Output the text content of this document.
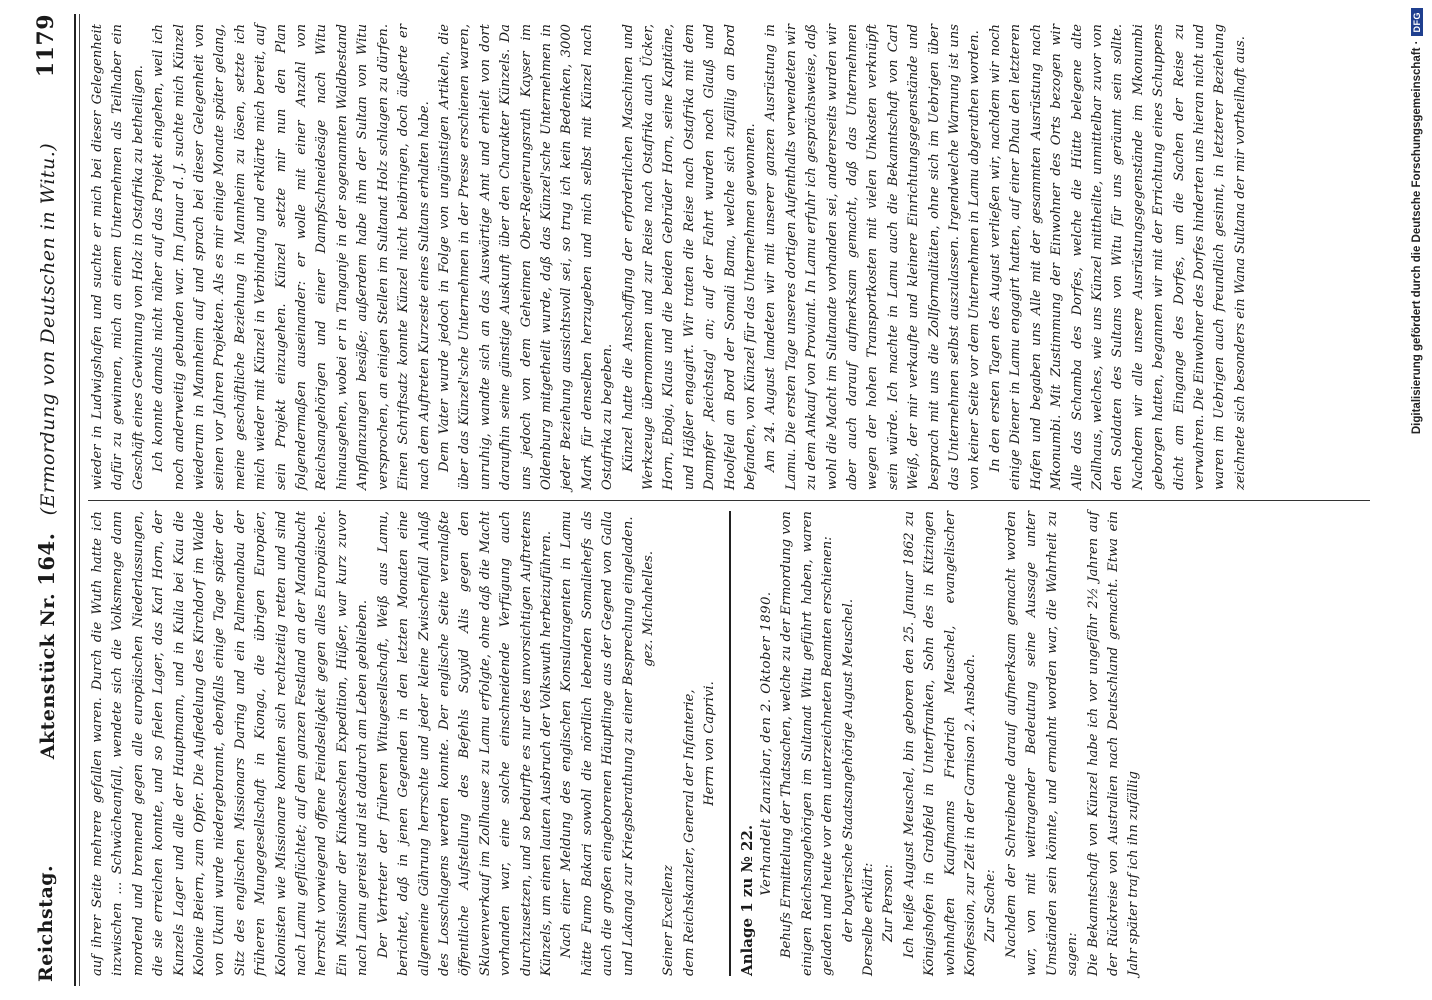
Reichstag.
Aktenstück Nr. 164. (Ermordung von Deutschen in Witu.)
1179

auf ihrer Seite mehrere gefallen waren. Durch die Wuth hatte ich inzwischen … Schwächeanfall, wendete sich die Volksmenge dann mordend und brennend gegen alle europäischen Niederlassungen, die sie erreichen konnte, und so fielen Lager, das Karl Horn, der Kunzels Lager und alle der Hauptmann, und in Kulia bei Kau die Kolonie Beiern, zum Opfer. Die Aufiedelung des Kirchdorf im Walde von Ukuni wurde niedergebrannt, ebenfalls einige Tage später der Sitz des englischen Missionars Daring und ein Palmenanbau der früheren Mungegesellschaft in Kionga, die übrigen Europäer, Kolonisten wie Missionare konnten sich rechtzeitig retten und sind nach Lamu geflüchtet; auf dem ganzen Festland an der Mandabucht herrscht vorwiegend offene Feindseligkeit gegen alles Europäische. Ein Missionar der Kinakeschen Expedition, Hüßer, war kurz zuvor nach Lamu gereist und ist dadurch am Leben geblieben. Der Vertreter der früheren Witugesellschaft, Weiß aus Lamu, berichtet, daß in jenen Gegenden in den letzten Monaten eine allgemeine Gährung herrschte und jeder kleine Zwischenfall Anlaß des Losschlagens werden konnte. Der englische Seite veranlaßte öffentliche Aufstellung des Befehls Sayyid Alis gegen den Sklavenverkauf im Zollhause zu Lamu erfolgte, ohne daß die Macht vorhanden war, eine solche einschneidende Verfügung auch durchzusetzen, und so bedurfte es nur des unvorsichtigen Auftretens Künzels, um einen lauten Ausbruch der Volkswuth herbeizuführen. Nach einer Meldung des englischen Konsularagenten in Lamu hätte Fumo Bakari sowohl die nördlich lebenden Somaliehefs als auch die großen eingeborenen Häuptlinge aus der Gegend von Galla und Lakanga zur Kriegsberathung zu einer Besprechung eingeladen. gez. Michahelles.

Seiner Excellenz dem Reichskanzler, General der Infanterie, Herrn von Caprivi.

Anlage 1 zu № 22.

Verhandelt Zanzibar, den 2. Oktober 1890. Behufs Ermittelung der Thatsachen, welche zu der Ermordung von einigen Reichsangehörigen im Sultanat Witu geführt haben, waren geladen und heute vor dem unterzeichneten Beamten erschienen: der bayerische Staatsangehörige August Meuschel. Derselbe erklärt: Zur Person: Ich heiße August Meuschel, bin geboren den 25. Januar 1862 zu Königshofen in Grabfeld in Unterfranken, Sohn des in Kitzingen wohnhaften Kaufmanns Friedrich Meuschel, evangelischer Konfession, zur Zeit in der Garnison 2. Ansbach. Zur Sache: Nachdem der Schreibende darauf aufmerksam gemacht worden war, von mit weitragender Bedeutung seine Aussage unter Umständen sein könnte, und ermahnt worden war, die Wahrheit zu sagen: Die Bekanntschaft von Künzel habe ich vor ungefähr 2½ Jahren auf der Rückreise von Australien nach Deutschland gemacht. Etwa ein Jahr später traf ich ihn zufällig

wieder in Ludwigshafen und suchte er mich bei dieser Gelegenheit dafür zu gewinnen, mich an einem Unternehmen als Teilhaber ein Geschäft eines Gewinnung von Holz in Ostafrika zu betheiligen. Ich konnte damals nicht näher auf das Projekt eingehen, weil ich noch anderweitig gebunden war. Im Januar d. J. suchte mich Künzel wiederum in Mannheim auf und sprach bei dieser Gelegenheit von seinen vor Jahren Projekten. Als es mir einige Monate später gelang, meine geschäftliche Beziehung in Mannheim zu lösen, setzte ich mich wieder mit Künzel in Verbindung und erklärte mich bereit, auf sein Projekt einzugehen. Künzel setzte mir nun den Plan folgendermaßen auseinander: er wolle mit einer Anzahl von Reichsangehörigen und einer Dampfschneidesäge nach Witu hinausgehen, wobei er in Tanganje in der sogenannten Waldbestand Anpflanzungen besäße; außerdem habe ihm der Sultan von Witu versprochen, an einigen Stellen im Sultanat Holz schlagen zu dürfen. Einen Schriftsatz konnte Künzel nicht beibringen, doch äußerte er nach dem Auftreten Kurzeste eines Sultans erhalten habe. Dem Vater wurde jedoch in Folge von ungünstigen Artikeln, die über das Künzel'sche Unternehmen in der Presse erschienen waren, unruhig, wandte sich an das Auswärtige Amt und erhielt von dort daraufhin seine günstige Auskunft über den Charakter Künzels. Da uns jedoch von dem Geheimen Ober-Regierungsrath Kayser im Oldenburg mitgetheilt wurde, daß das Künzel'sche Unternehmen in jeder Beziehung aussichtsvoll sei, so trug ich kein Bedenken, 3000 Mark für denselben herzugeben und mich selbst mit Künzel nach Ostafrika zu begeben. Künzel hatte die Anschaffung der erforderlichen Maschinen und Werkzeuge übernommen und zur Reise nach Ostafrika auch Ücker, Horn, Eboja, Klaus und die beiden Gebrüder Horn, seine Kapitäne, und Häßler engagirt. Wir traten die Reise nach Ostafrika mit dem Dampfer ‚Reichstag' an; auf der Fahrt wurden noch Glauß und Hoolfeld an Bord der Somali Bama, welche sich zufällig an Bord befanden, von Künzel für das Unternehmen gewonnen. Am 24. August landeten wir mit unserer ganzen Ausrüstung in Lamu. Die ersten Tage unseres dortigen Aufenthalts verwendeten wir zu dem Ankauf von Proviant. In Lamu erfuhr ich gesprächsweise, daß wohl die Macht im Sultanate vorhanden sei, andererseits wurden wir aber auch darauf aufmerksam gemacht, daß das Unternehmen wegen der hohen Transportkosten mit vielen Unkosten verknüpft sein würde. Ich machte in Lamu auch die Bekanntschaft von Carl Weiß, der mir verkaufte und kleinere Einrichtungsgegenstände und besprach mit uns die Zollformalitäten, ohne sich im Uebrigen über das Unternehmen selbst auszulassen. Irgendwelche Warnung ist uns von keiner Seite vor dem Unternehmen in Lamu abgerathen worden. In den ersten Tagen des August verließen wir, nachdem wir noch einige Diener in Lamu engagirt hatten, auf einer Dhau den letzteren Hafen und begaben uns Alle mit der gesammten Ausrüstung nach Mkonumbi. Mit Zustimmung der Einwohner des Orts bezogen wir Alle das Schamba des Dorfes, welche die Hütte belegene alte Zollhaus, welches, wie uns Künzel mittheilte, unmittelbar zuvor von den Soldaten des Sultans von Witu für uns geräumt sein sollte. Nachdem wir alle unsere Ausrüstungsgegenstände im Mkonumbi geborgen hatten, begannen wir mit der Errichtung eines Schuppens dicht am Eingange des Dorfes, um die Sachen der Reise zu verwahren. Die Einwohner des Dorfes hinderten uns hieran nicht und waren im Uebrigen auch freundlich gesinnt, in letzterer Beziehung zeichnete sich besonders ein Wana Sultana der mir vortheilhaft aus.	Digitalisierung gefördert durch die Deutsche Forschungsgemeinschaft ·
DFG
